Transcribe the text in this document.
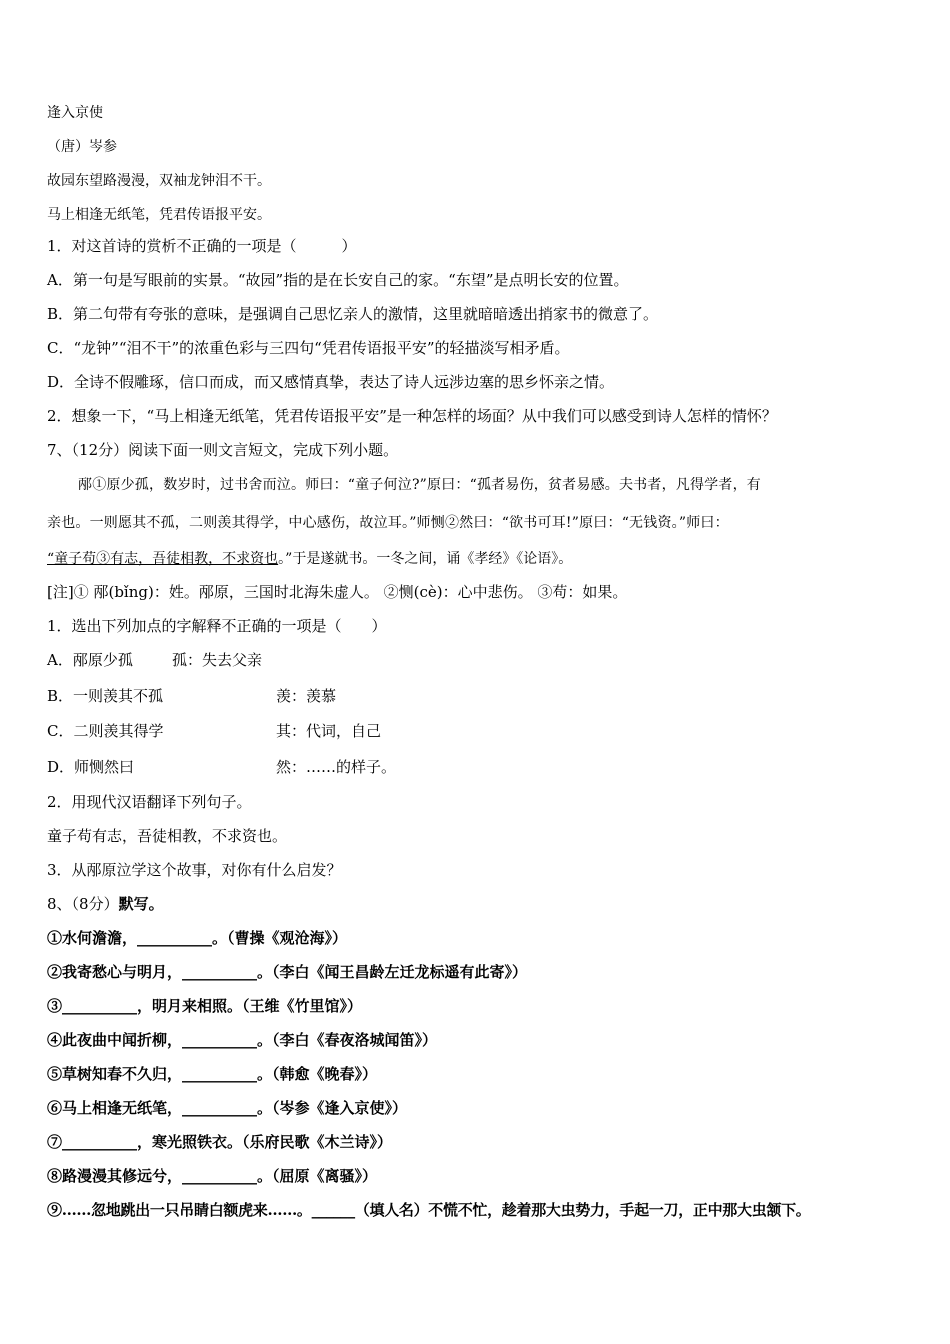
逢入京使
（唐）岑参
故园东望路漫漫，双袖龙钟泪不干。
马上相逢无纸笔，凭君传语报平安。
1．对这首诗的赏析不正确的一项是（　　　）
A．第一句是写眼前的实景。“故园”指的是在长安自己的家。“东望”是点明长安的位置。
B．第二句带有夸张的意味，是强调自己思忆亲人的激情，这里就暗暗透出捎家书的微意了。
C．“龙钟”“泪不干”的浓重色彩与三四句“凭君传语报平安”的轻描淡写相矛盾。
D．全诗不假雕琢，信口而成，而又感情真挚，表达了诗人远涉边塞的思乡怀亲之情。
2．想象一下，“马上相逢无纸笔，凭君传语报平安”是一种怎样的场面？从中我们可以感受到诗人怎样的情怀？
7、（12分）阅读下面一则文言短文，完成下列小题。
邴①原少孤，数岁时，过书舍而泣。师曰：“童子何泣?”原曰：“孤者易伤，贫者易感。夫书者，凡得学者，有
亲也。一则愿其不孤，二则羡其得学，中心感伤，故泣耳。”师恻②然曰：“欲书可耳!”原曰：“无钱资。”师曰：
“童子苟③有志，吾徒相教，不求资也。”于是遂就书。一冬之间，诵《孝经》《论语》。
[注]① 邴(bǐng)：姓。邴原，三国时北海朱虚人。 ②恻(cè)：心中悲伤。 ③苟：如果。
1．选出下列加点的字解释不正确的一项是（　　）
A．邴原少孤	孤：失去父亲
B．一则羡其不孤	羡：羡慕
C．二则羡其得学	其：代词，自己
D．师恻然曰	然：……的样子。
2．用现代汉语翻译下列句子。
童子苟有志，吾徒相教，不求资也。
3．从邴原泣学这个故事，对你有什么启发？
8、（8分）默写。
①水何澹澹，__________。（曹操《观沧海》）
②我寄愁心与明月，__________。（李白《闻王昌龄左迁龙标遥有此寄》）
③__________，明月来相照。（王维《竹里馆》）
④此夜曲中闻折柳，__________。（李白《春夜洛城闻笛》）
⑤草树知春不久归，__________。（韩愈《晚春》）
⑥马上相逢无纸笔，__________。（岑参《逢入京使》）
⑦__________，寒光照铁衣。（乐府民歌《木兰诗》）
⑧路漫漫其修远兮，__________。（屈原《离骚》）
⑨……忽地跳出一只吊睛白额虎来……。______（填人名）不慌不忙，趁着那大虫势力，手起一刀，正中那大虫颔下。
